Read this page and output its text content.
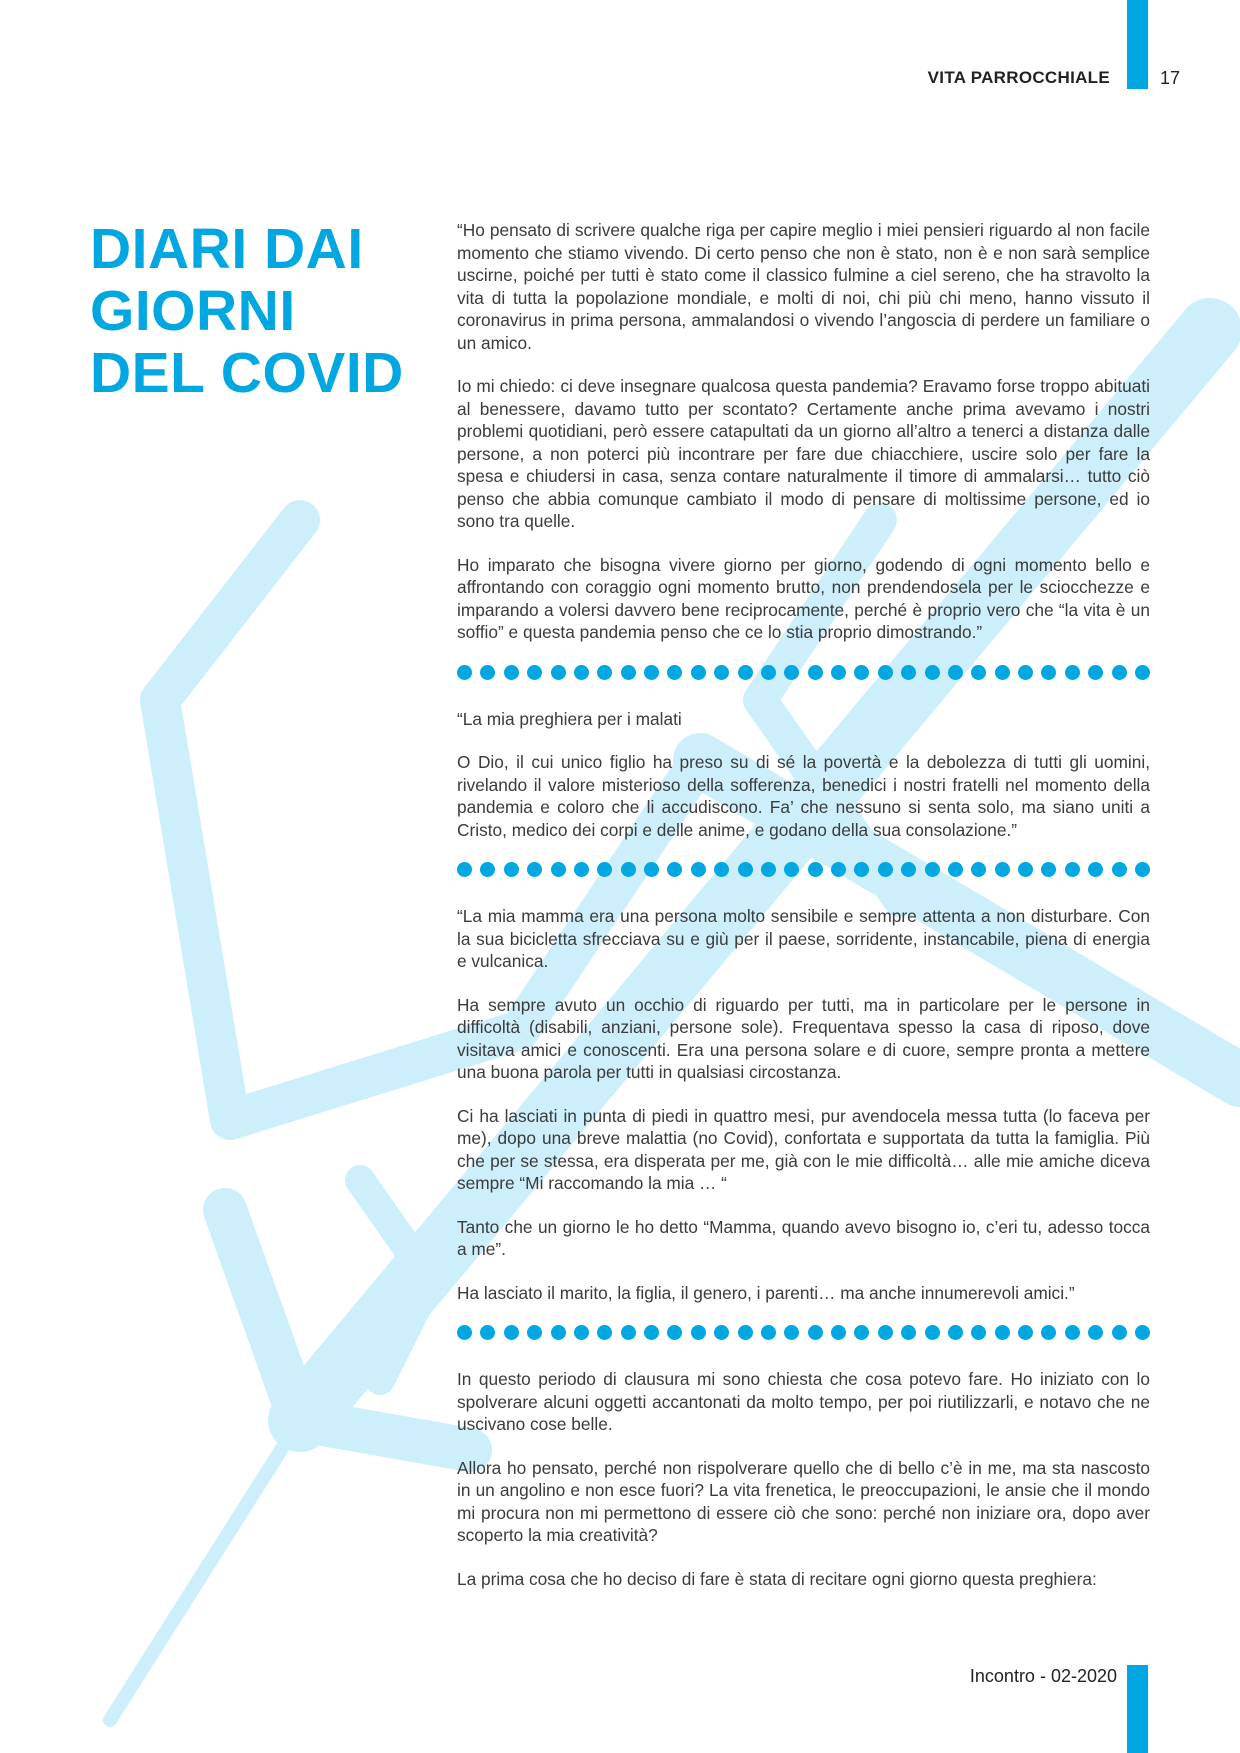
VITA PARROCCHIALE	17
DIARI DAI
GIORNI
DEL COVID

“Ho pensato di scrivere qualche riga per capire meglio i miei pensieri riguardo al non facile momento che stiamo vivendo. Di certo penso che non è stato, non è e non sarà semplice uscirne, poiché per tutti è stato come il classico fulmine a ciel sereno, che ha stravolto la vita di tutta la popolazione mondiale, e molti di noi, chi più chi meno, hanno vissuto il coronavirus in prima persona, ammalandosi o vivendo l’angoscia di perdere un familiare o un amico.

Io mi chiedo: ci deve insegnare qualcosa questa pandemia? Eravamo forse troppo abituati al benessere, davamo tutto per scontato? Certamente anche prima avevamo i nostri problemi quotidiani, però essere catapultati da un giorno all’altro a tenerci a distanza dalle persone, a non poterci più incontrare per fare due chiacchiere, uscire solo per fare la spesa e chiudersi in casa, senza contare naturalmente il timore di ammalarsi… tutto ciò penso che abbia comunque cambiato il modo di pensare di moltissime persone, ed io sono tra quelle.

Ho imparato che bisogna vivere giorno per giorno, godendo di ogni momento bello e affrontando con coraggio ogni momento brutto, non prendendosela per le sciocchezze e imparando a volersi davvero bene reciprocamente, perché è proprio vero che “la vita è un soffio” e questa pandemia penso che ce lo stia proprio dimostrando.”

“La mia preghiera per i malati

O Dio, il cui unico figlio ha preso su di sé la povertà e la debolezza di tutti gli uomini, rivelando il valore misterioso della sofferenza, benedici i nostri fratelli nel momento della pandemia e coloro che li accudiscono. Fa’ che nessuno si senta solo, ma siano uniti a Cristo, medico dei corpi e delle anime, e godano della sua consolazione.”

“La mia mamma era una persona molto sensibile e sempre attenta a non disturbare. Con la sua bicicletta sfrecciava su e giù per il paese, sorridente, instancabile, piena di energia e vulcanica.

Ha sempre avuto un occhio di riguardo per tutti, ma in particolare per le persone in difficoltà (disabili, anziani, persone sole). Frequentava spesso la casa di riposo, dove visitava amici e conoscenti. Era una persona solare e di cuore, sempre pronta a mettere una buona parola per tutti in qualsiasi circostanza.

Ci ha lasciati in punta di piedi in quattro mesi, pur avendocela messa tutta (lo faceva per me), dopo una breve malattia (no Covid), confortata e supportata da tutta la famiglia. Più che per se stessa, era disperata per me, già con le mie difficoltà… alle mie amiche diceva sempre “Mi raccomando la mia … “

Tanto che un giorno le ho detto “Mamma, quando avevo bisogno io, c’eri tu, adesso tocca a me”.

Ha lasciato il marito, la figlia, il genero, i parenti… ma anche innumerevoli amici.”

In questo periodo di clausura mi sono chiesta che cosa potevo fare. Ho iniziato con lo spolverare alcuni oggetti accantonati da molto tempo, per poi riutilizzarli, e notavo che ne uscivano cose belle.

Allora ho pensato, perché non rispolverare quello che di bello c’è in me, ma sta nascosto in un angolino e non esce fuori? La vita frenetica, le preoccupazioni, le ansie che il mondo mi procura non mi permettono di essere ciò che sono: perché non iniziare ora, dopo aver scoperto la mia creatività?

La prima cosa che ho deciso di fare è stata di recitare ogni giorno questa preghiera:

Incontro - 02-2020
